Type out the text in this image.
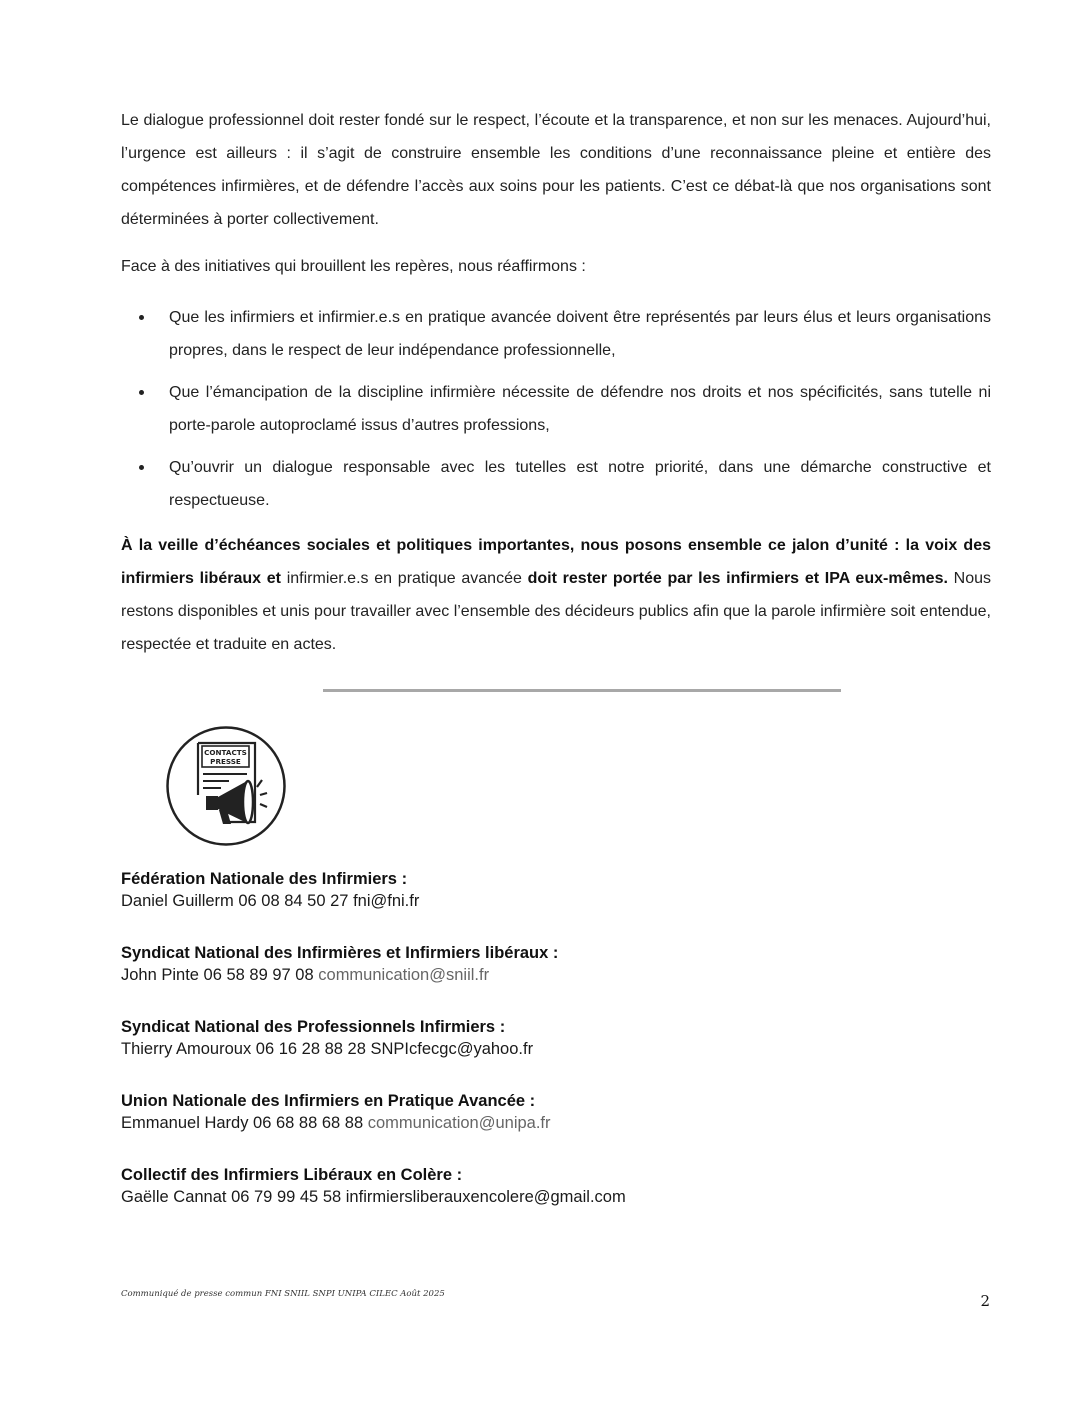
Le dialogue professionnel doit rester fondé sur le respect, l’écoute et la transparence, et non sur les menaces. Aujourd’hui, l’urgence est ailleurs : il s’agit de construire ensemble les conditions d’une reconnaissance pleine et entière des compétences infirmières, et de défendre l’accès aux soins pour les patients. C’est ce débat-là que nos organisations sont déterminées à porter collectivement.

Face à des initiatives qui brouillent les repères, nous réaffirmons :

Que les infirmiers et infirmier.e.s en pratique avancée doivent être représentés par leurs élus et leurs organisations propres, dans le respect de leur indépendance professionnelle,
Que l’émancipation de la discipline infirmière nécessite de défendre nos droits et nos spécificités, sans tutelle ni porte-parole autoproclamé issus d’autres professions,
Qu’ouvrir un dialogue responsable avec les tutelles est notre priorité, dans une démarche constructive et respectueuse.

À la veille d’échéances sociales et politiques importantes, nous posons ensemble ce jalon d’unité : la voix des infirmiers libéraux et infirmier.e.s en pratique avancée doit rester portée par les infirmiers et IPA eux-mêmes. Nous restons disponibles et unis pour travailler avec l’ensemble des décideurs publics afin que la parole infirmière soit entendue, respectée et traduite en actes.

CONTACTS
PRESSE
Fédération Nationale des Infirmiers :
Daniel Guillerm 06 08 84 50 27 fni@fni.fr
Syndicat National des Infirmières et Infirmiers libéraux :
John Pinte 06 58 89 97 08 communication@sniil.fr
Syndicat National des Professionnels Infirmiers :
Thierry Amouroux 06 16 28 88 28 SNPIcfecgc@yahoo.fr
Union Nationale des Infirmiers en Pratique Avancée :
Emmanuel Hardy 06 68 88 68 88 communication@unipa.fr
Collectif des Infirmiers Libéraux en Colère :
Gaëlle Cannat 06 79 99 45 58 infirmiersliberauxencolere@gmail.com
Communiqué de presse commun FNI SNIIL SNPI UNIPA CILEC Août 2025	2
